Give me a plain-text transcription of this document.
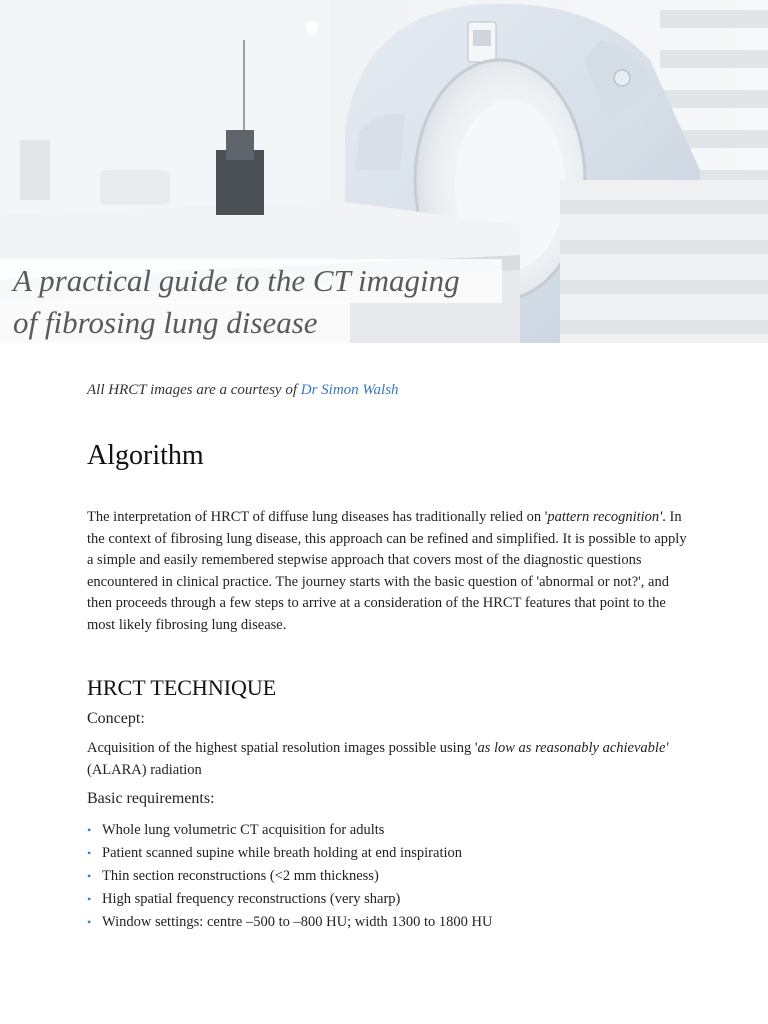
A practical guide to the CT imaging
of fibrosing lung disease
All HRCT images are a courtesy of Dr Simon Walsh
Algorithm

The interpretation of HRCT of diffuse lung diseases has traditionally relied on 'pattern recognition'. In the context of fibrosing lung disease, this approach can be refined and simplified. It is possible to apply a simple and easily remembered stepwise approach that covers most of the diagnostic questions encountered in clinical practice. The journey starts with the basic question of 'abnormal or not?', and then proceeds through a few steps to arrive at a consideration of the HRCT features that point to the most likely fibrosing lung disease.

HRCT TECHNIQUE

Concept:

Acquisition of the highest spatial resolution images possible using 'as low as reasonably achievable' (ALARA) radiation

Basic requirements:

• Whole lung volumetric CT acquisition for adults
• Patient scanned supine while breath holding at end inspiration
• Thin section reconstructions (<2 mm thickness)
• High spatial frequency reconstructions (very sharp)
• Window settings: centre –500 to –800 HU; width 1300 to 1800 HU
